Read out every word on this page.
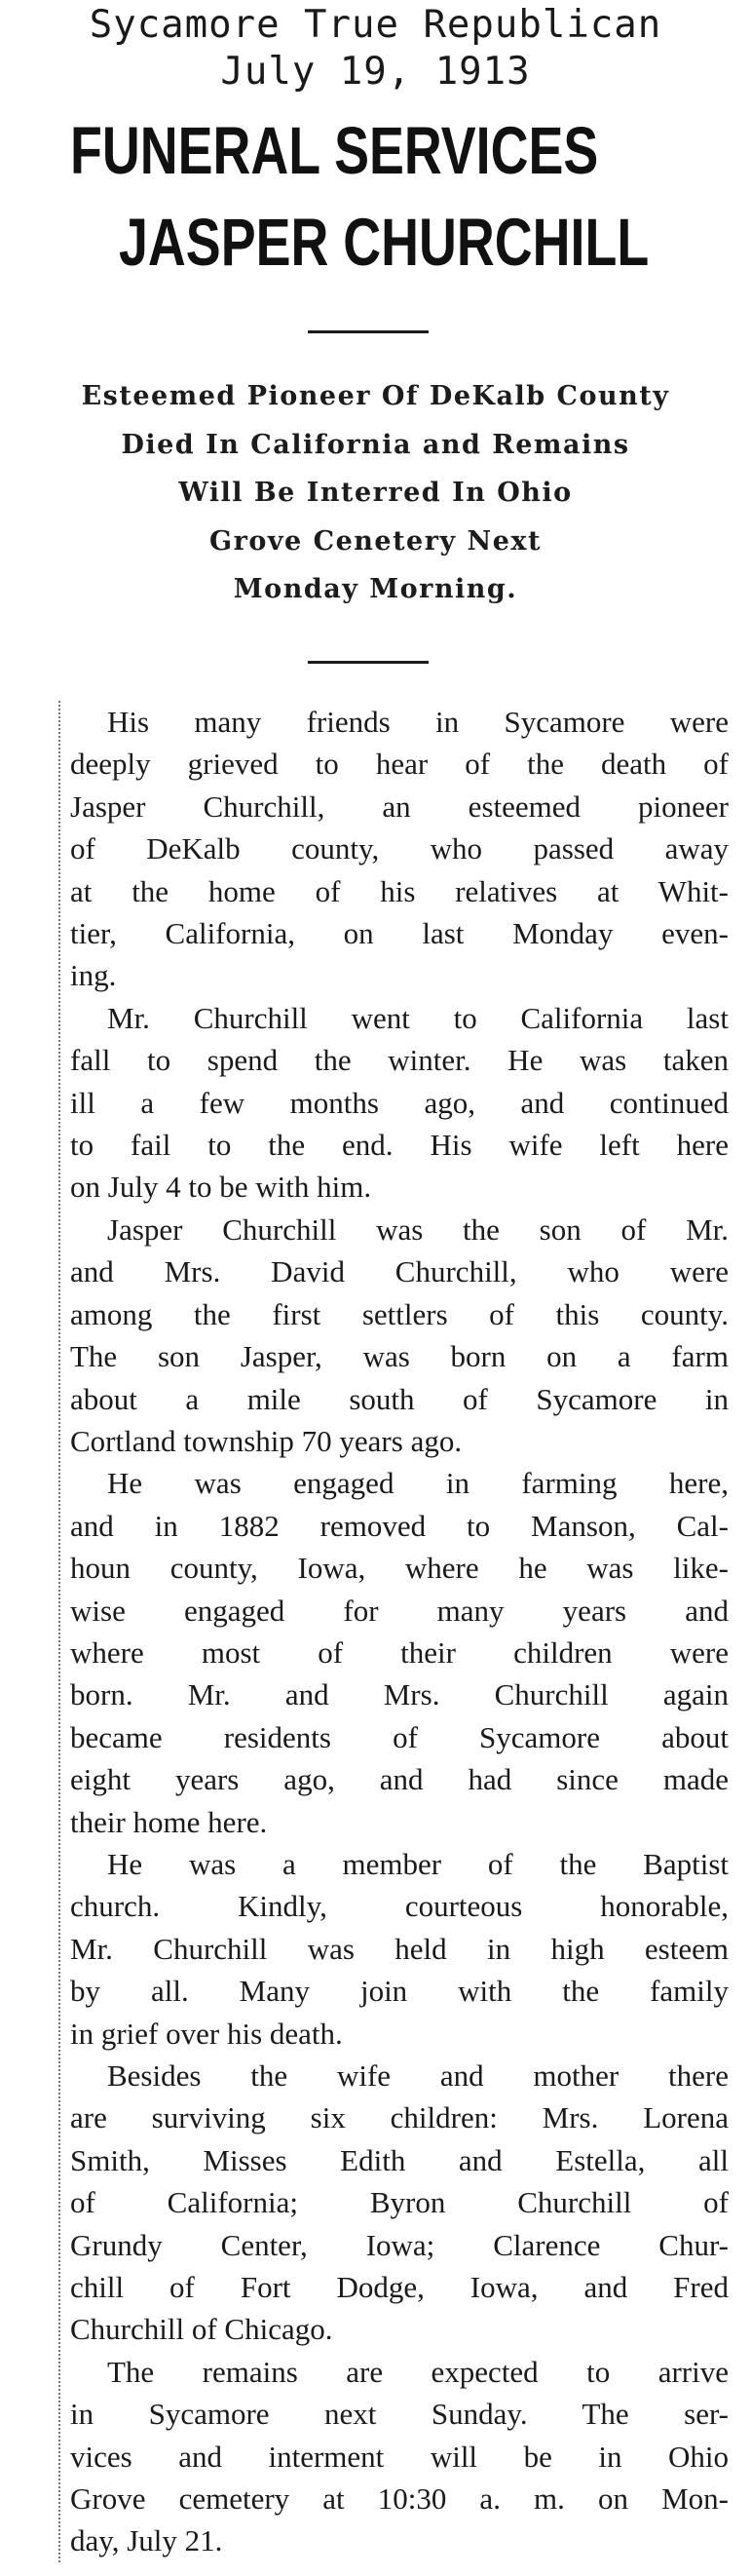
Sycamore True Republican
July 19, 1913
FUNERAL SERVICES
JASPER CHURCHILL
Esteemed Pioneer Of DeKalb County
Died In California and Remains
Will Be Interred In Ohio
Grove Cenetery Next
Monday Morning.
His many friends in Sycamore were
deeply grieved to hear of the death of
Jasper Churchill, an esteemed pioneer
of DeKalb county, who passed away
at the home of his relatives at Whit-
tier, California, on last Monday even-
ing.
Mr. Churchill went to California last
fall to spend the winter. He was taken
ill a few months ago, and continued
to fail to the end. His wife left here
on July 4 to be with him.
Jasper Churchill was the son of Mr.
and Mrs. David Churchill, who were
among the first settlers of this county.
The son Jasper, was born on a farm
about a mile south of Sycamore in
Cortland township 70 years ago.
He was engaged in farming here,
and in 1882 removed to Manson, Cal-
houn county, Iowa, where he was like-
wise engaged for many years and
where most of their children were
born. Mr. and Mrs. Churchill again
became residents of Sycamore about
eight years ago, and had since made
their home here.
He was a member of the Baptist
church. Kindly, courteous honorable,
Mr. Churchill was held in high esteem
by all. Many join with the family
in grief over his death.
Besides the wife and mother there
are surviving six children: Mrs. Lorena
Smith, Misses Edith and Estella, all
of California; Byron Churchill of
Grundy Center, Iowa; Clarence Chur-
chill of Fort Dodge, Iowa, and Fred
Churchill of Chicago.
The remains are expected to arrive
in Sycamore next Sunday. The ser-
vices and interment will be in Ohio
Grove cemetery at 10:30 a. m. on Mon-
day, July 21.
